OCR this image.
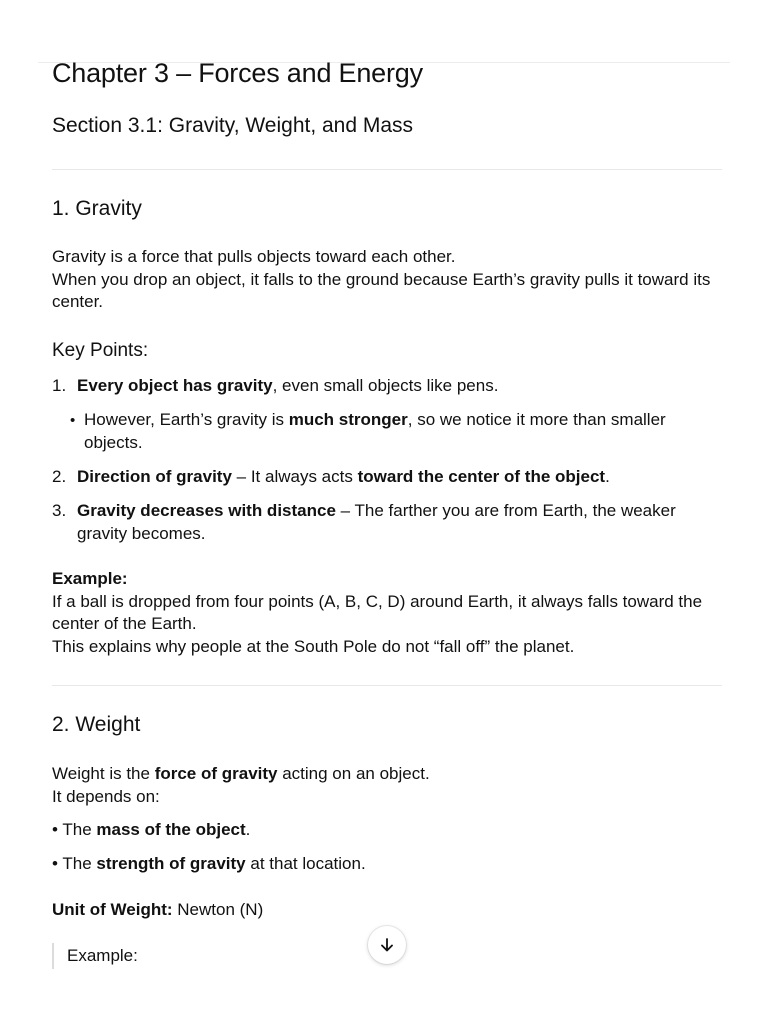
Chapter 3 – Forces and Energy
Section 3.1: Gravity, Weight, and Mass
1. Gravity

Gravity is a force that pulls objects toward each other.
When you drop an object, it falls to the ground because Earth’s gravity pulls it toward its center.

Key Points:
1. Every object has gravity, even small objects like pens.
• However, Earth’s gravity is much stronger, so we notice it more than smaller objects.
2. Direction of gravity – It always acts toward the center of the object.
3. Gravity decreases with distance – The farther you are from Earth, the weaker gravity becomes.

Example:
If a ball is dropped from four points (A, B, C, D) around Earth, it always falls toward the center of the Earth.
This explains why people at the South Pole do not “fall off” the planet.

2. Weight

Weight is the force of gravity acting on an object.
It depends on:

• The mass of the object.

• The strength of gravity at that location.

Unit of Weight: Newton (N)

Example:
